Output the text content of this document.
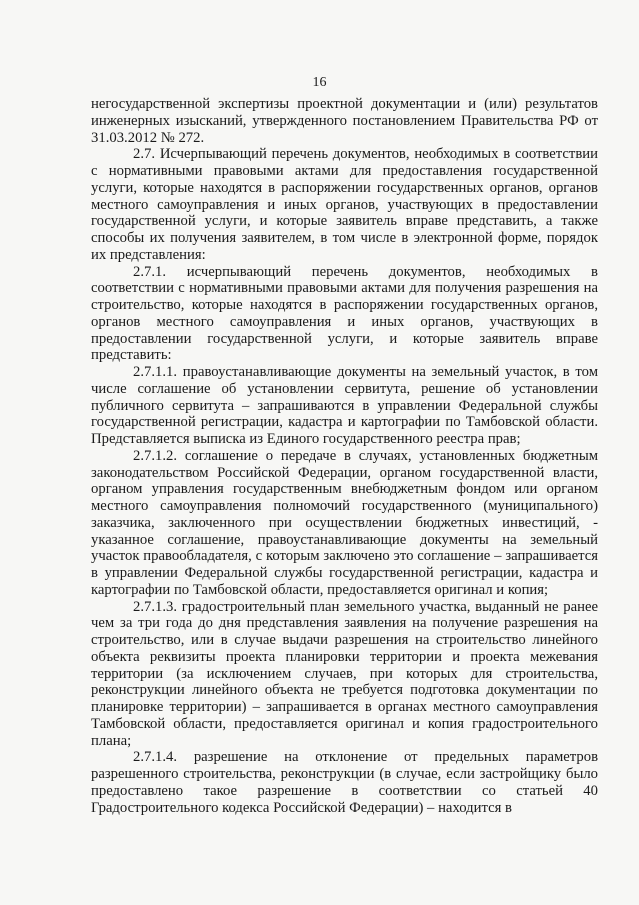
16

негосударственной экспертизы проектной документации и (или) результатов инженерных изысканий, утвержденного постановлением Правительства РФ от 31.03.2012 № 272.

2.7. Исчерпывающий перечень документов, необходимых в соответствии с нормативными правовыми актами для предоставления государственной услуги, которые находятся в распоряжении государственных органов, органов местного самоуправления и иных органов, участвующих в предоставлении государственной услуги, и которые заявитель вправе представить, а также способы их получения заявителем, в том числе в электронной форме, порядок их представления:

2.7.1. исчерпывающий перечень документов, необходимых в соответствии с нормативными правовыми актами для получения разрешения на строительство, которые находятся в распоряжении государственных органов, органов местного самоуправления и иных органов, участвующих в предоставлении государственной услуги, и которые заявитель вправе представить:

2.7.1.1. правоустанавливающие документы на земельный участок, в том числе соглашение об установлении сервитута, решение об установлении публичного сервитута – запрашиваются в управлении Федеральной службы государственной регистрации, кадастра и картографии по Тамбовской области. Представляется выписка из Единого государственного реестра прав;

2.7.1.2. соглашение о передаче в случаях, установленных бюджетным законодательством Российской Федерации, органом государственной власти, органом управления государственным внебюджетным фондом или органом местного самоуправления полномочий государственного (муниципального) заказчика, заключенного при осуществлении бюджетных инвестиций, - указанное соглашение, правоустанавливающие документы на земельный участок правообладателя, с которым заключено это соглашение – запрашивается в управлении Федеральной службы государственной регистрации, кадастра и картографии по Тамбовской области, предоставляется оригинал и копия;

2.7.1.3. градостроительный план земельного участка, выданный не ранее чем за три года до дня представления заявления на получение разрешения на строительство, или в случае выдачи разрешения на строительство линейного объекта реквизиты проекта планировки территории и проекта межевания территории (за исключением случаев, при которых для строительства, реконструкции линейного объекта не требуется подготовка документации по планировке территории) – запрашивается в органах местного самоуправления Тамбовской области, предоставляется оригинал и копия градостроительного плана;

2.7.1.4. разрешение на отклонение от предельных параметров разрешенного строительства, реконструкции (в случае, если застройщику было предоставлено такое разрешение в соответствии со статьей 40 Градостроительного кодекса Российской Федерации) – находится в
